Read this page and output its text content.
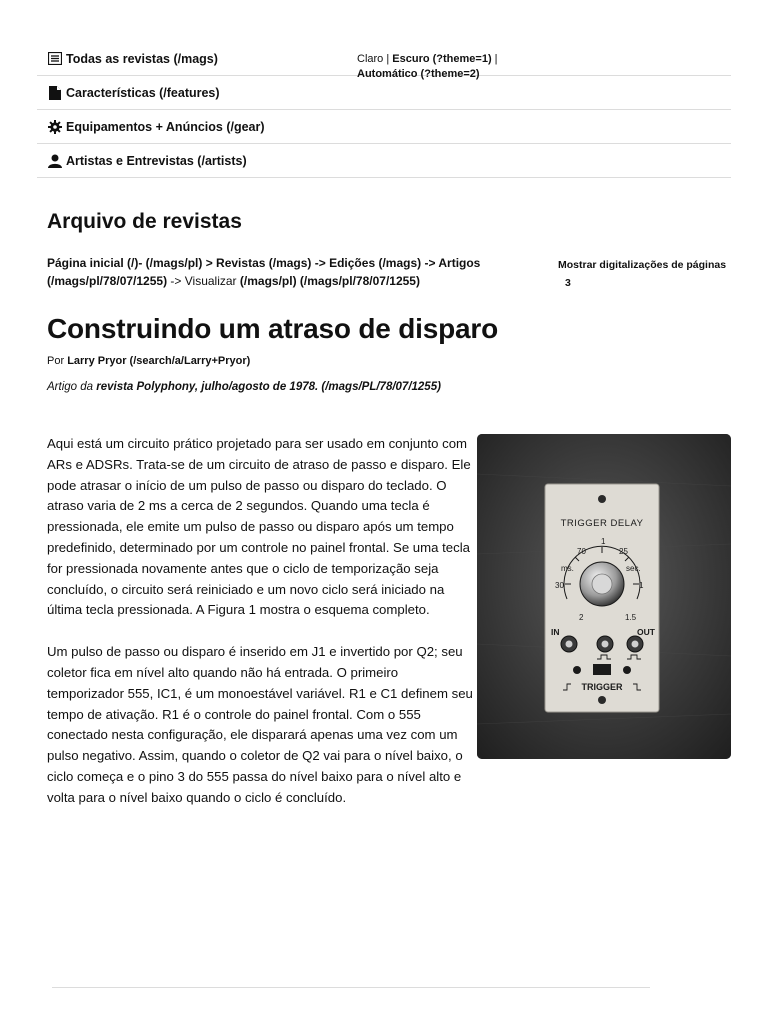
Todas as revistas (/mags)
Características (/features)
Equipamentos + Anúncios (/gear)
Artistas e Entrevistas (/artists)
Claro | Escuro (?theme=1) |
Automático (?theme=2)
Arquivo de revistas
Página inicial (/)- (/mags/pl) > Revistas (/mags) -> Edições (/mags) -> Artigos (/mags/pl/78/07/1255) -> Visualizar (/mags/pl) (/mags/pl/78/07/1255)
Mostrar digitalizações de páginas
3
Construindo um atraso de disparo
Por Larry Pryor (/search/a/Larry+Pryor)
Artigo da revista Polyphony, julho/agosto de 1978. (/mags/PL/78/07/1255)
TRIGGER DELAY
70
1
25
ms.	sec.
30	1
2	1.5
IN	OUT
TRIGGER

Aqui está um circuito prático projetado para ser usado em conjunto com ARs e ADSRs. Trata-se de um circuito de atraso de passo e disparo. Ele pode atrasar o início de um pulso de passo ou disparo do teclado. O atraso varia de 2 ms a cerca de 2 segundos. Quando uma tecla é pressionada, ele emite um pulso de passo ou disparo após um tempo predefinido, determinado por um controle no painel frontal. Se uma tecla for pressionada novamente antes que o ciclo de temporização seja concluído, o circuito será reiniciado e um novo ciclo será iniciado na última tecla pressionada. A Figura 1 mostra o esquema completo.

Um pulso de passo ou disparo é inserido em J1 e invertido por Q2; seu coletor fica em nível alto quando não há entrada. O primeiro temporizador 555, IC1, é um monoestável variável. R1 e C1 definem seu tempo de ativação. R1 é o controle do painel frontal. Com o 555 conectado nesta configuração, ele disparará apenas uma vez com um pulso negativo. Assim, quando o coletor de Q2 vai para o nível baixo, o ciclo começa e o pino 3 do 555 passa do nível baixo para o nível alto e volta para o nível baixo quando o ciclo é concluído.
